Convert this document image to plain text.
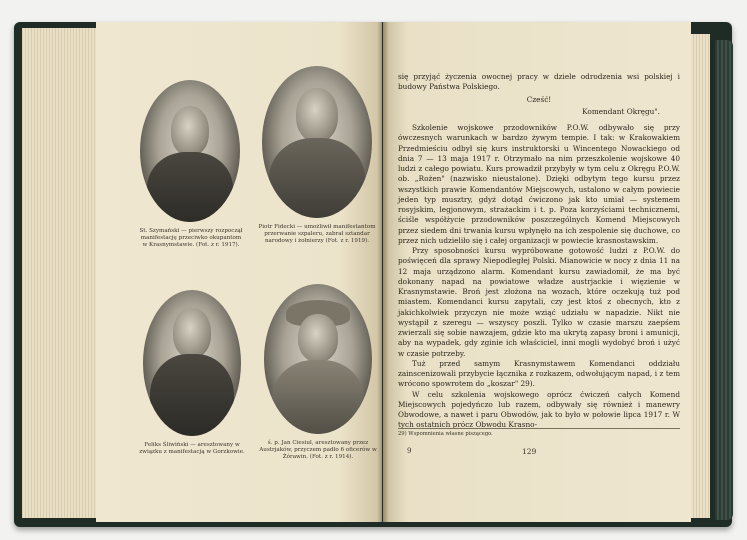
St. Szymański — pierwszy rozpoczął manifestację przeciwko okupantom w Krasnymstawie. (Fot. z r. 1917).
Piotr Fidecki — umożliwił manifestantom przerwanie szpaleru, zabrał sztandar narodowy i żołnierzy (Fot. z r. 1919).
Feliks Śliwiński — aresztowany w związku z manifestacją w Gorzkowie.
ś. p. Jan Ciesiul, aresztowany przez Austrjaków, przyczem padło 6 oficerów w Żórawin. (Fot. z r. 1914).

się przyjąć życzenia owocnej pracy w dziele odrodzenia wsi polskiej i budowy Państwa Polskiego.

Cześć!
Komendant Okręgu".

Szkolenie wojskowe przodowników P.O.W. odbywało się przy ówczesnych warunkach w bardzo żywym tempie. I tak: w Krakowakiem Przedmieściu odbył się kurs instruktorski u Wincentego Nowackiego od dnia 7 — 13 maja 1917 r. Otrzymało na nim przeszkolenie wojskowe 40 ludzi z całego powiatu. Kurs prowadził przybyły w tym celu z Okręgu P.O.W. ob. „Rożen" (nazwisko nieustalone). Dzięki odbytym tego kursu przez wszystkich prawie Komendantów Miejscowych, ustalono w całym powiecie jeden typ musztry, gdyż dotąd ćwiczono jak kto umiał — systemem rosyjskim, legjonowym, strażackim i t. p. Poza korzyściami technicznemi, ściśle współżycie przodowników poszczególnych Komend Miejscowych przez siedem dni trwania kursu wpłynęło na ich zespolenie się duchowe, co przez nich udzieliło się i całej organizacji w powiecie krasnostawskim.

Przy sposobności kursu wypróbowane gotowość ludzi z P.O.W. do poświęceń dla sprawy Niepodległej Polski. Mianowicie w nocy z dnia 11 na 12 maja urządzono alarm. Komendant kursu zawiadomił, że ma być dokonany napad na powiatowe władze austrjackie i więzienie w Krasnymstawie. Broń jest złożona na wozach, które oczekują tuż pod miastem. Komendanci kursu zapytali, czy jest ktoś z obecnych, kto z jakichkolwiek przyczyn nie może wziąć udziału w napadzie. Nikt nie wystąpił z szeregu — wszyscy poszli. Tylko w czasie marszu zaepśem zwierzali się sobie nawzajem, gdzie kto ma ukrytą zapasy broni i amunicji, aby na wypadek, gdy zginie ich właściciel, inni mogli wydobyć broń i użyć w czasie potrzeby.

Tuż przed samym Krasnymstawem Komendanci oddziału zainscenizowali przybycie łącznika z rozkazem, odwołującym napad, i z tem wrócono spowrotem do „koszar" 29).

W celu szkolenia wojskowego oprócz ćwiczeń całych Komend Miejscowych pojedyńczo lub razem, odbywały się również i manewry Obwodowe, a nawet i paru Obwodów, jak to było w połowie lipca 1917 r. W tych ostatnich prócz Obwodu Krasno-

29) Wspomnienia własne piszącego.
9	129
